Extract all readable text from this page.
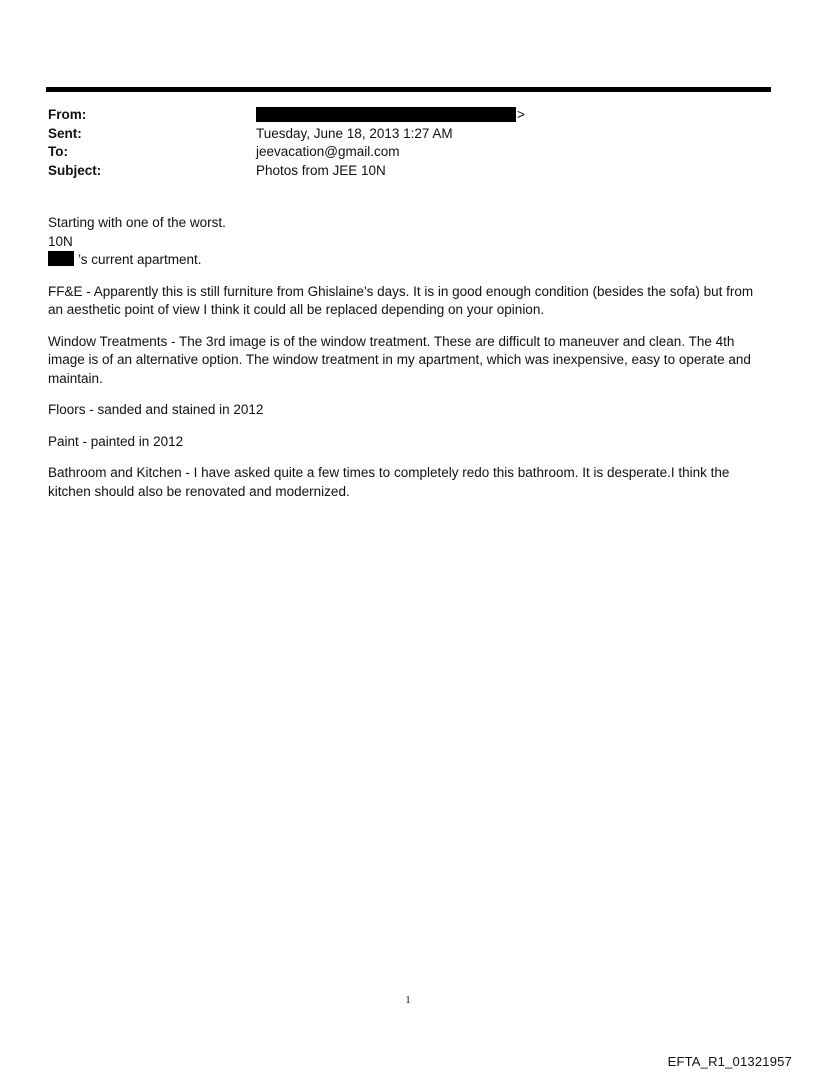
From:	>
Sent:	Tuesday, June 18, 2013 1:27 AM
To:	jeevacation@gmail.com
Subject:	Photos from JEE 10N
Starting with one of the worst.
10N
’s current apartment.
FF&E - Apparently this is still furniture from Ghislaine’s days. It is in good enough condition (besides the sofa) but from an aesthetic point of view I think it could all be replaced depending on your opinion.
Window Treatments - The 3rd image is of the window treatment. These are difficult to maneuver and clean. The 4th image is of an alternative option. The window treatment in my apartment, which was inexpensive, easy to operate and maintain.
Floors - sanded and stained in 2012
Paint - painted in 2012
Bathroom and Kitchen - I have asked quite a few times to completely redo this bathroom. It is desperate.I think the kitchen should also be renovated and modernized.
1
EFTA_R1_01321957
